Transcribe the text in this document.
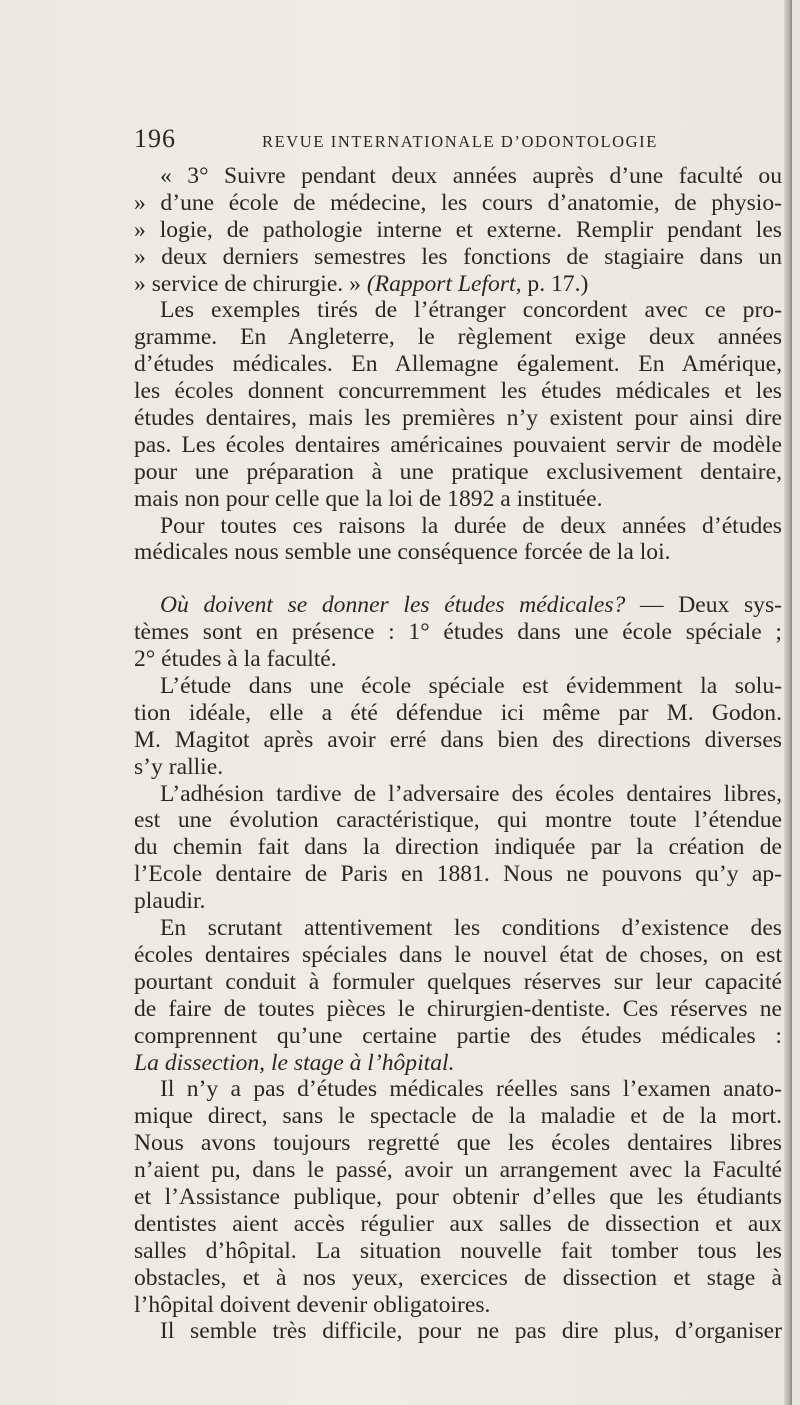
196	REVUE INTERNATIONALE D’ODONTOLOGIE
« 3° Suivre pendant deux années auprès d’une faculté ou
» d’une école de médecine, les cours d’anatomie, de physio-
» logie, de pathologie interne et externe. Remplir pendant les
» deux derniers semestres les fonctions de stagiaire dans un
» service de chirurgie. » (Rapport Lefort, p. 17.)
Les exemples tirés de l’étranger concordent avec ce pro-
gramme. En Angleterre, le règlement exige deux années
d’études médicales. En Allemagne également. En Amérique,
les écoles donnent concurremment les études médicales et les
études dentaires, mais les premières n’y existent pour ainsi dire
pas. Les écoles dentaires américaines pouvaient servir de modèle
pour une préparation à une pratique exclusivement dentaire,
mais non pour celle que la loi de 1892 a instituée.
Pour toutes ces raisons la durée de deux années d’études
médicales nous semble une conséquence forcée de la loi.
Où doivent se donner les études médicales? — Deux sys-
tèmes sont en présence : 1° études dans une école spéciale ;
2° études à la faculté.
L’étude dans une école spéciale est évidemment la solu-
tion idéale, elle a été défendue ici même par M. Godon.
M. Magitot après avoir erré dans bien des directions diverses
s’y rallie.
L’adhésion tardive de l’adversaire des écoles dentaires libres,
est une évolution caractéristique, qui montre toute l’étendue
du chemin fait dans la direction indiquée par la création de
l’Ecole dentaire de Paris en 1881. Nous ne pouvons qu’y ap-
plaudir.
En scrutant attentivement les conditions d’existence des
écoles dentaires spéciales dans le nouvel état de choses, on est
pourtant conduit à formuler quelques réserves sur leur capacité
de faire de toutes pièces le chirurgien-dentiste. Ces réserves ne
comprennent qu’une certaine partie des études médicales :
La dissection, le stage à l’hôpital.
Il n’y a pas d’études médicales réelles sans l’examen anato-
mique direct, sans le spectacle de la maladie et de la mort.
Nous avons toujours regretté que les écoles dentaires libres
n’aient pu, dans le passé, avoir un arrangement avec la Faculté
et l’Assistance publique, pour obtenir d’elles que les étudiants
dentistes aient accès régulier aux salles de dissection et aux
salles d’hôpital. La situation nouvelle fait tomber tous les
obstacles, et à nos yeux, exercices de dissection et stage à
l’hôpital doivent devenir obligatoires.
Il semble très difficile, pour ne pas dire plus, d’organiser
